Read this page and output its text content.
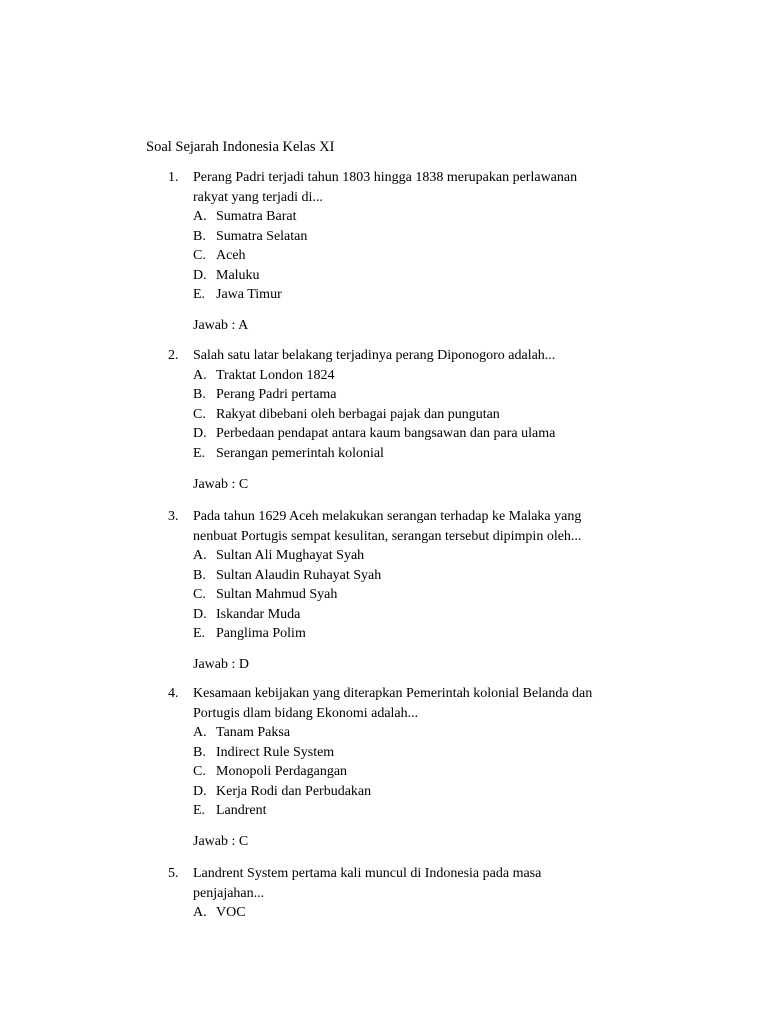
Soal Sejarah Indonesia Kelas XI
1.	Perang Padri terjadi tahun 1803 hingga 1838 merupakan perlawanan
rakyat yang terjadi di...
A. Sumatra Barat
B. Sumatra Selatan
C. Aceh
D. Maluku
E. Jawa Timur
Jawab : A
2.	Salah satu latar belakang terjadinya perang Diponogoro adalah...
A. Traktat London 1824
B. Perang Padri pertama
C. Rakyat dibebani oleh berbagai pajak dan pungutan
D. Perbedaan pendapat antara kaum bangsawan dan para ulama
E. Serangan pemerintah kolonial
Jawab : C
3.	Pada tahun 1629 Aceh melakukan serangan terhadap ke Malaka yang
nenbuat Portugis sempat kesulitan, serangan tersebut dipimpin oleh...
A. Sultan Ali Mughayat Syah
B. Sultan Alaudin Ruhayat Syah
C. Sultan Mahmud Syah
D. Iskandar Muda
E. Panglima Polim
Jawab : D
4.	Kesamaan kebijakan yang diterapkan Pemerintah kolonial Belanda dan
Portugis dlam bidang Ekonomi adalah...
A. Tanam Paksa
B. Indirect Rule System
C. Monopoli Perdagangan
D. Kerja Rodi dan Perbudakan
E. Landrent
Jawab : C
5.	Landrent System pertama kali muncul di Indonesia pada masa
penjajahan...
A. VOC
